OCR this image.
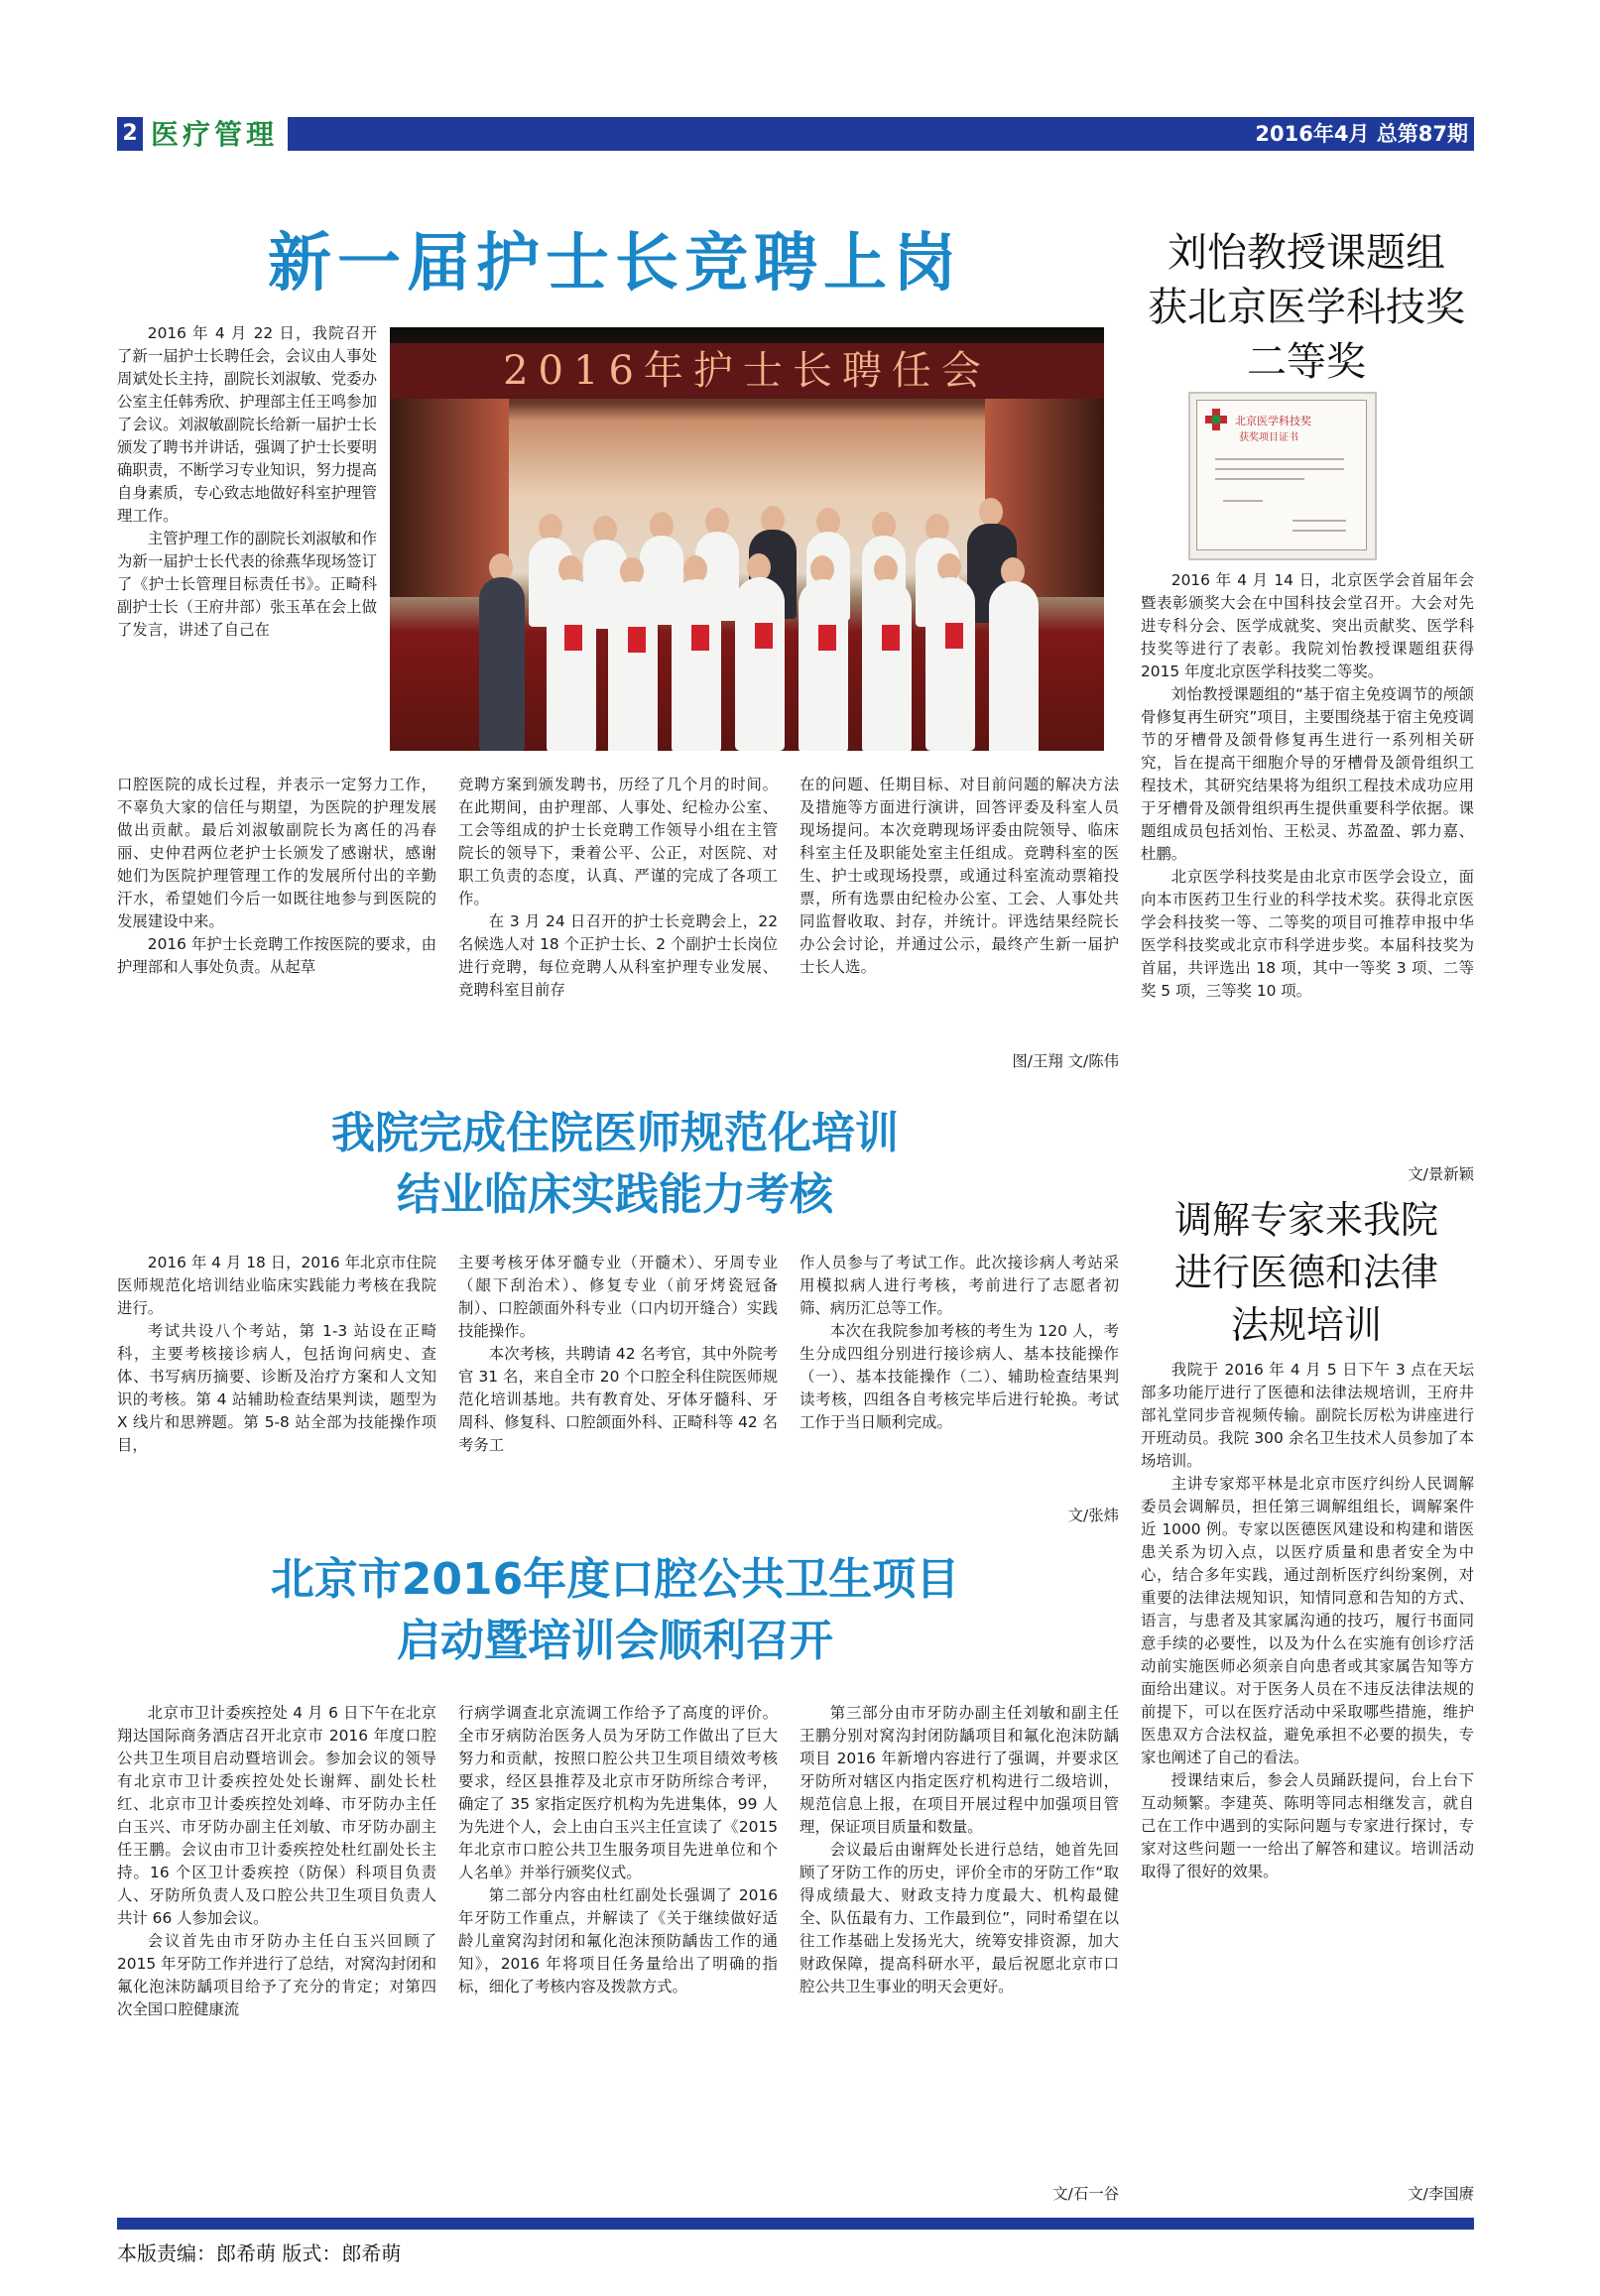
2 医疗管理	2016年4月 总第87期
新一届护士长竞聘上岗

2016 年 4 月 22 日，我院召开了新一届护士长聘任会，会议由人事处周斌处长主持，副院长刘淑敏、党委办公室主任韩秀欣、护理部主任王鸣参加了会议。刘淑敏副院长给新一届护士长颁发了聘书并讲话，强调了护士长要明确职责，不断学习专业知识，努力提高自身素质，专心致志地做好科室护理管理工作。

主管护理工作的副院长刘淑敏和作为新一届护士长代表的徐燕华现场签订了《护士长管理目标责任书》。正畸科副护士长（王府井部）张玉革在会上做了发言，讲述了自己在

2016年护士长聘任会

口腔医院的成长过程，并表示一定努力工作，不辜负大家的信任与期望，为医院的护理发展做出贡献。最后刘淑敏副院长为离任的冯春丽、史仲君两位老护士长颁发了感谢状，感谢她们为医院护理管理工作的发展所付出的辛勤汗水，希望她们今后一如既往地参与到医院的发展建设中来。

2016 年护士长竞聘工作按医院的要求，由护理部和人事处负责。从起草

竞聘方案到颁发聘书，历经了几个月的时间。在此期间，由护理部、人事处、纪检办公室、工会等组成的护士长竞聘工作领导小组在主管院长的领导下，秉着公平、公正，对医院、对职工负责的态度，认真、严谨的完成了各项工作。

在 3 月 24 日召开的护士长竞聘会上，22 名候选人对 18 个正护士长、2 个副护士长岗位进行竞聘，每位竞聘人从科室护理专业发展、竞聘科室目前存

在的问题、任期目标、对目前问题的解决方法及措施等方面进行演讲，回答评委及科室人员现场提问。本次竞聘现场评委由院领导、临床科室主任及职能处室主任组成。竞聘科室的医生、护士或现场投票，或通过科室流动票箱投票，所有选票由纪检办公室、工会、人事处共同监督收取、封存，并统计。评选结果经院长办公会讨论，并通过公示，最终产生新一届护士长人选。

图/王翔 文/陈伟
我院完成住院医师规范化培训
结业临床实践能力考核

2016 年 4 月 18 日，2016 年北京市住院医师规范化培训结业临床实践能力考核在我院进行。

考试共设八个考站，第 1-3 站设在正畸科，主要考核接诊病人，包括询问病史、查体、书写病历摘要、诊断及治疗方案和人文知识的考核。第 4 站辅助检查结果判读，题型为 X 线片和思辨题。第 5-8 站全部为技能操作项目，

主要考核牙体牙髓专业（开髓术）、牙周专业（龈下刮治术）、修复专业（前牙烤瓷冠备制）、口腔颌面外科专业（口内切开缝合）实践技能操作。

本次考核，共聘请 42 名考官，其中外院考官 31 名，来自全市 20 个口腔全科住院医师规范化培训基地。共有教育处、牙体牙髓科、牙周科、修复科、口腔颌面外科、正畸科等 42 名考务工

作人员参与了考试工作。此次接诊病人考站采用模拟病人进行考核，考前进行了志愿者初筛、病历汇总等工作。

本次在我院参加考核的考生为 120 人，考生分成四组分别进行接诊病人、基本技能操作（一）、基本技能操作（二）、辅助检查结果判读考核，四组各自考核完毕后进行轮换。考试工作于当日顺利完成。

文/张炜
北京市2016年度口腔公共卫生项目
启动暨培训会顺利召开

北京市卫计委疾控处 4 月 6 日下午在北京翔达国际商务酒店召开北京市 2016 年度口腔公共卫生项目启动暨培训会。参加会议的领导有北京市卫计委疾控处处长谢辉、副处长杜红、北京市卫计委疾控处刘峰、市牙防办主任白玉兴、市牙防办副主任刘敏、市牙防办副主任王鹏。会议由市卫计委疾控处杜红副处长主持。16 个区卫计委疾控（防保）科项目负责人、牙防所负责人及口腔公共卫生项目负责人共计 66 人参加会议。

会议首先由市牙防办主任白玉兴回顾了 2015 年牙防工作并进行了总结，对窝沟封闭和氟化泡沫防龋项目给予了充分的肯定；对第四次全国口腔健康流

行病学调查北京流调工作给予了高度的评价。全市牙病防治医务人员为牙防工作做出了巨大努力和贡献，按照口腔公共卫生项目绩效考核要求，经区县推荐及北京市牙防所综合考评，确定了 35 家指定医疗机构为先进集体，99 人为先进个人，会上由白玉兴主任宣读了《2015 年北京市口腔公共卫生服务项目先进单位和个人名单》并举行颁奖仪式。

第二部分内容由杜红副处长强调了 2016 年牙防工作重点，并解读了《关于继续做好适龄儿童窝沟封闭和氟化泡沫预防龋齿工作的通知》，2016 年将项目任务量给出了明确的指标，细化了考核内容及拨款方式。

第三部分由市牙防办副主任刘敏和副主任王鹏分别对窝沟封闭防龋项目和氟化泡沫防龋项目 2016 年新增内容进行了强调，并要求区牙防所对辖区内指定医疗机构进行二级培训，规范信息上报，在项目开展过程中加强项目管理，保证项目质量和数量。

会议最后由谢辉处长进行总结，她首先回顾了牙防工作的历史，评价全市的牙防工作“取得成绩最大、财政支持力度最大、机构最健全、队伍最有力、工作最到位”，同时希望在以往工作基础上发扬光大，统筹安排资源，加大财政保障，提高科研水平，最后祝愿北京市口腔公共卫生事业的明天会更好。

文/石一谷
刘怡教授课题组
获北京医学科技奖
二等奖
北京医学科技奖
获奖项目证书

2016 年 4 月 14 日，北京医学会首届年会暨表彰颁奖大会在中国科技会堂召开。大会对先进专科分会、医学成就奖、突出贡献奖、医学科技奖等进行了表彰。我院刘怡教授课题组获得 2015 年度北京医学科技奖二等奖。

刘怡教授课题组的“基于宿主免疫调节的颅颌骨修复再生研究”项目，主要围绕基于宿主免疫调节的牙槽骨及颌骨修复再生进行一系列相关研究，旨在提高干细胞介导的牙槽骨及颌骨组织工程技术，其研究结果将为组织工程技术成功应用于牙槽骨及颌骨组织再生提供重要科学依据。课题组成员包括刘怡、王松灵、苏盈盈、郭力嘉、杜鹏。

北京医学科技奖是由北京市医学会设立，面向本市医药卫生行业的科学技术奖。获得北京医学会科技奖一等、二等奖的项目可推荐申报中华医学科技奖或北京市科学进步奖。本届科技奖为首届，共评选出 18 项，其中一等奖 3 项、二等奖 5 项，三等奖 10 项。

文/景新颖
调解专家来我院
进行医德和法律
法规培训

我院于 2016 年 4 月 5 日下午 3 点在天坛部多功能厅进行了医德和法律法规培训，王府井部礼堂同步音视频传输。副院长厉松为讲座进行开班动员。我院 300 余名卫生技术人员参加了本场培训。

主讲专家郑平林是北京市医疗纠纷人民调解委员会调解员，担任第三调解组组长，调解案件近 1000 例。专家以医德医风建设和构建和谐医患关系为切入点，以医疗质量和患者安全为中心，结合多年实践，通过剖析医疗纠纷案例，对重要的法律法规知识，知情同意和告知的方式、语言，与患者及其家属沟通的技巧，履行书面同意手续的必要性，以及为什么在实施有创诊疗活动前实施医师必须亲自向患者或其家属告知等方面给出建议。对于医务人员在不违反法律法规的前提下，可以在医疗活动中采取哪些措施，维护医患双方合法权益，避免承担不必要的损失，专家也阐述了自己的看法。

授课结束后，参会人员踊跃提问，台上台下互动频繁。李建英、陈明等同志相继发言，就自己在工作中遇到的实际问题与专家进行探讨，专家对这些问题一一给出了解答和建议。培训活动取得了很好的效果。

文/李国赓
本版责编：郎希萌 版式：郎希萌
